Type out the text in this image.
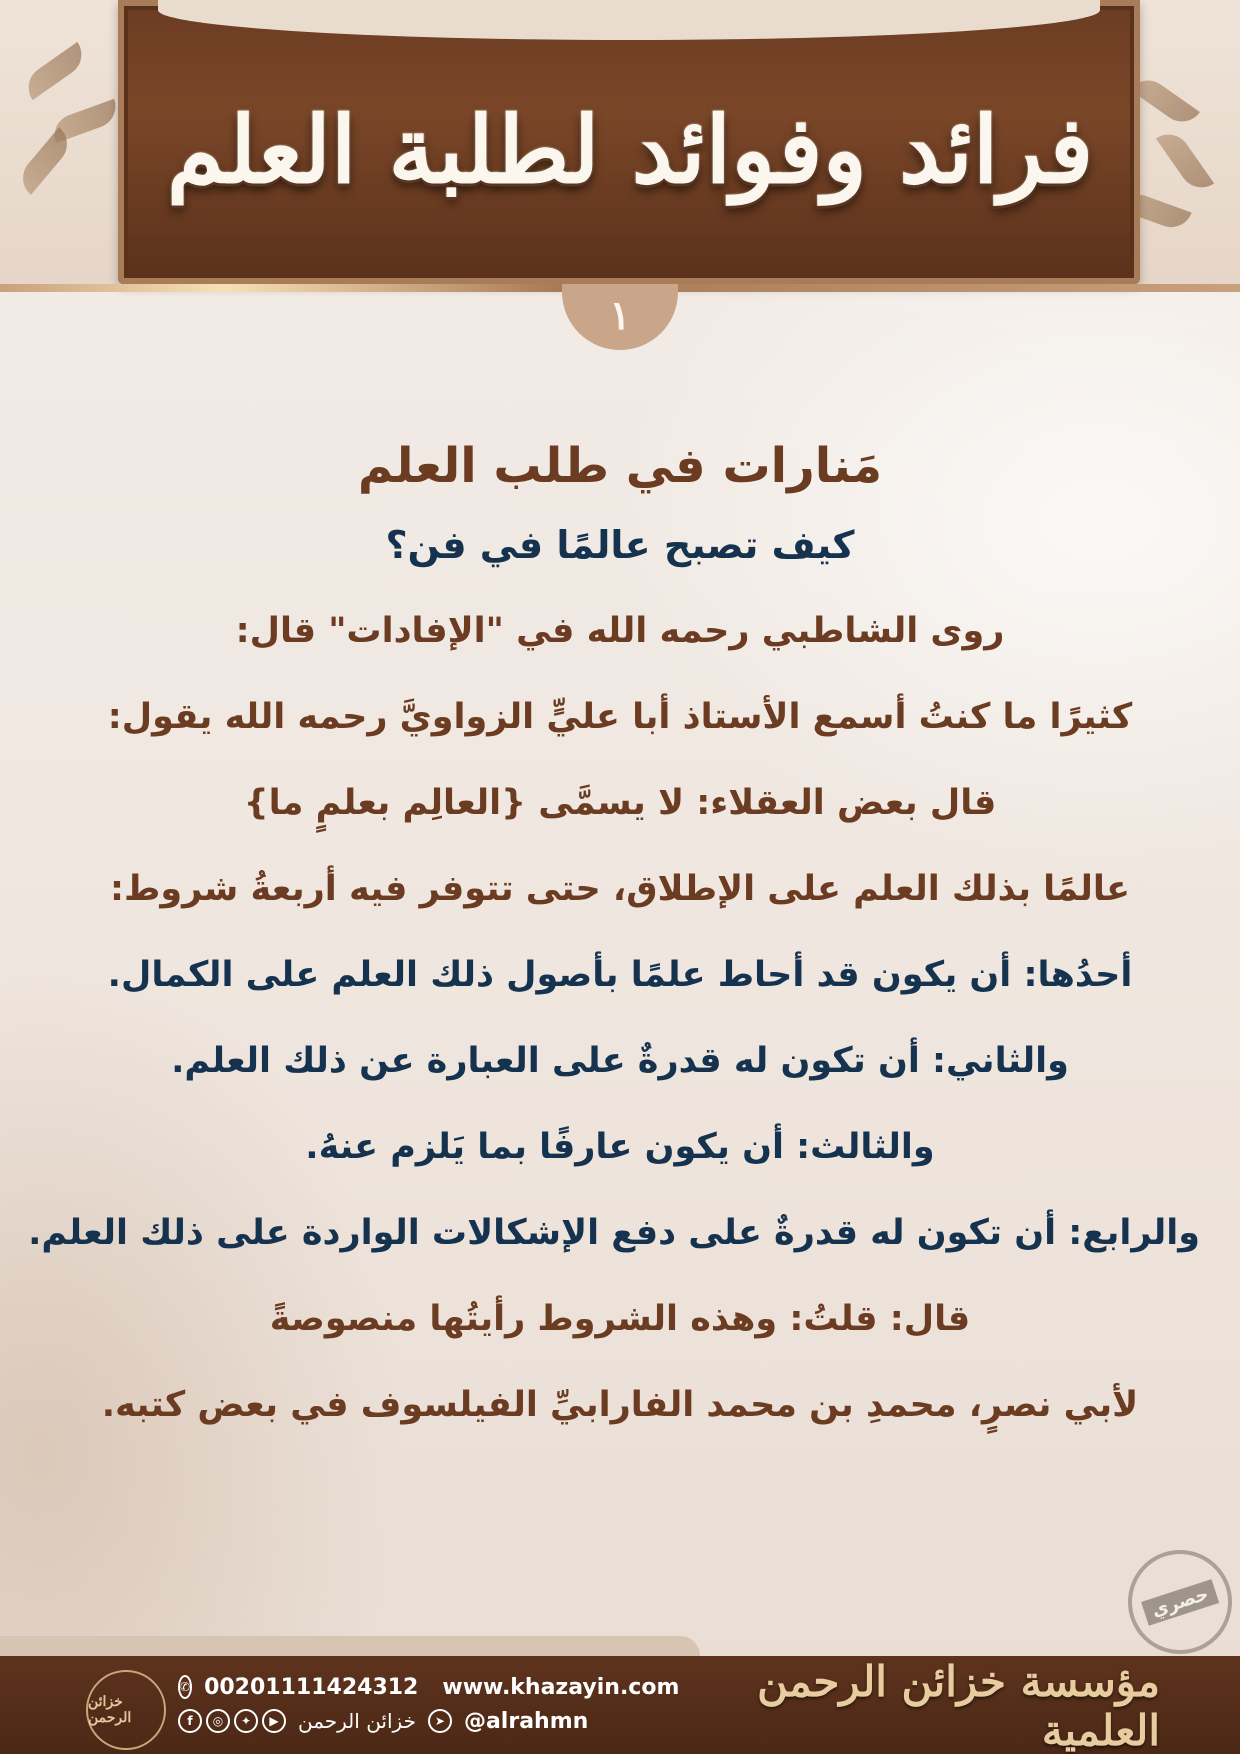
فرائد وفوائد لطلبة العلم
١

مَنارات في طلب العلم

كيف تصبح عالمًا في فن؟

روى الشاطبي رحمه الله في "الإفادات" قال:

كثيرًا ما كنتُ أسمع الأستاذ أبا عليٍّ الزواويَّ رحمه الله يقول:

قال بعض العقلاء: لا يسمَّى {العالِم بعلمٍ ما}

عالمًا بذلك العلم على الإطلاق، حتى تتوفر فيه أربعةُ شروط:

أحدُها: أن يكون قد أحاط علمًا بأصول ذلك العلم على الكمال.

والثاني: أن تكون له قدرةٌ على العبارة عن ذلك العلم.

والثالث: أن يكون عارفًا بما يَلزم عنهُ.

والرابع: أن تكون له قدرةٌ على دفع الإشكالات الواردة على ذلك العلم.

قال: قلتُ: وهذه الشروط رأيتُها منصوصةً

لأبي نصرٍ، محمدِ بن محمد الفارابيِّ الفيلسوف في بعض كتبه.

حصري
خزائن الرحمن
✆ 00201111424312 www.khazayin.com
f	◎	✦	▶ خزائن الرحمن	➤ @alrahmn
مؤسسة خزائن الرحمن العلمية
